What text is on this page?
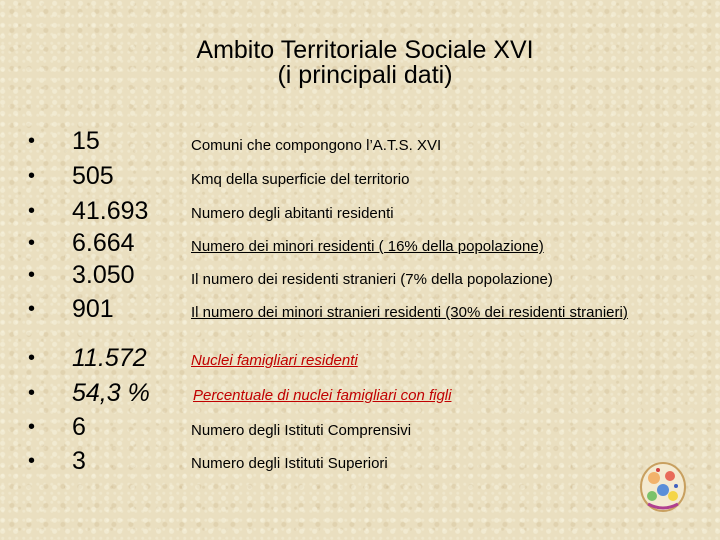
Ambito Territoriale Sociale XVI
(i principali dati)
• 15	Comuni che compongono l’A.T.S. XVI
• 505	Kmq della superficie del territorio
• 41.693	Numero degli abitanti residenti
• 6.664	Numero dei minori residenti ( 16% della popolazione)
• 3.050	Il numero dei residenti stranieri (7% della popolazione)
• 901	Il numero dei minori stranieri residenti (30% dei residenti stranieri)
• 11.572	Nuclei famigliari residenti
• 54,3 %	Percentuale di nuclei famigliari con figli
• 6	Numero degli Istituti Comprensivi
• 3	Numero degli Istituti Superiori
